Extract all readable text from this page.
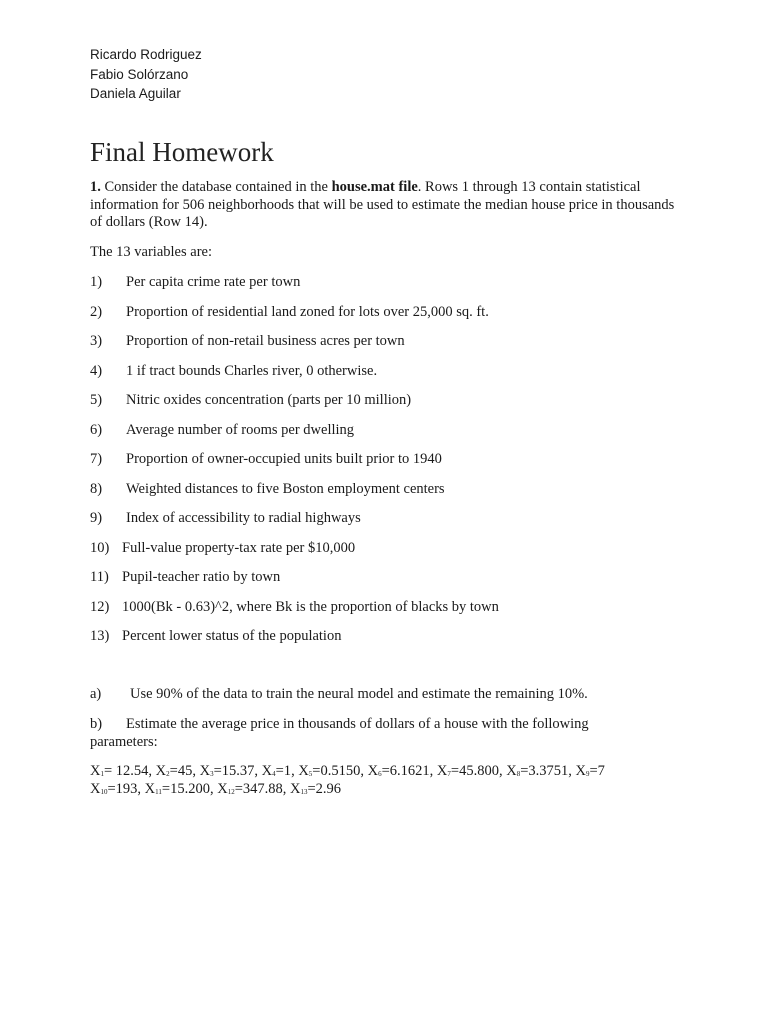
Ricardo Rodriguez
Fabio Solórzano
Daniela Aguilar
Final Homework
1. Consider the database contained in the house.mat file. Rows 1 through 13 contain statistical information for 506 neighborhoods that will be used to estimate the median house price in thousands of dollars (Row 14).
The 13 variables are:
1) Per capita crime rate per town
2) Proportion of residential land zoned for lots over 25,000 sq. ft.
3) Proportion of non-retail business acres per town
4) 1 if tract bounds Charles river, 0 otherwise.
5) Nitric oxides concentration (parts per 10 million)
6) Average number of rooms per dwelling
7) Proportion of owner-occupied units built prior to 1940
8) Weighted distances to five Boston employment centers
9) Index of accessibility to radial highways
10) Full-value property-tax rate per $10,000
11) Pupil-teacher ratio by town
12) 1000(Bk - 0.63)^2, where Bk is the proportion of blacks by town
13) Percent lower status of the population
a) Use 90% of the data to train the neural model and estimate the remaining 10%.
b) Estimate the average price in thousands of dollars of a house with the following parameters:
$X_1= 12.54$, $X_2=45$, $X_3=15.37$, $X_4=1$, $X_5=0.5150$, $X_6=6.1621$, $X_7=45.800$, $X_8=3.3751$, $X_9=7$
$X_{10}=193$, $X_{11}=15.200$, $X_{12}=347.88$, $X_{13}=2.96$
